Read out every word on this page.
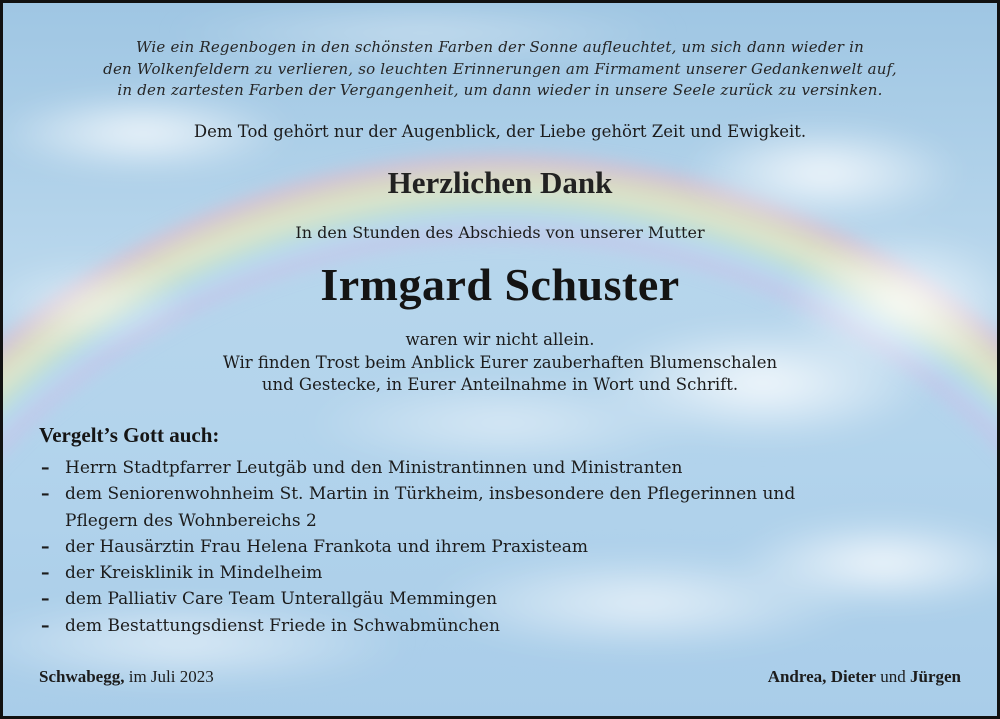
Wie ein Regenbogen in den schönsten Farben der Sonne aufleuchtet, um sich dann wieder in
den Wolkenfeldern zu verlieren, so leuchten Erinnerungen am Firmament unserer Gedankenwelt auf,
in den zartesten Farben der Vergangenheit, um dann wieder in unsere Seele zurück zu versinken.
Dem Tod gehört nur der Augenblick, der Liebe gehört Zeit und Ewigkeit.
Herzlichen Dank
In den Stunden des Abschieds von unserer Mutter
Irmgard Schuster
waren wir nicht allein.
Wir finden Trost beim Anblick Eurer zauberhaften Blumenschalen
und Gestecke, in Eurer Anteilnahme in Wort und Schrift.
Vergelt’s Gott auch:
– Herrn Stadtpfarrer Leutgäb und den Ministrantinnen und Ministranten
– dem Seniorenwohnheim St. Martin in Türkheim, insbesondere den Pflegerinnen und
Pflegern des Wohnbereichs 2
– der Hausärztin Frau Helena Frankota und ihrem Praxisteam
– der Kreisklinik in Mindelheim
– dem Palliativ Care Team Unterallgäu Memmingen
– dem Bestattungsdienst Friede in Schwabmünchen
Schwabegg, im Juli 2023	Andrea, Dieter und Jürgen
